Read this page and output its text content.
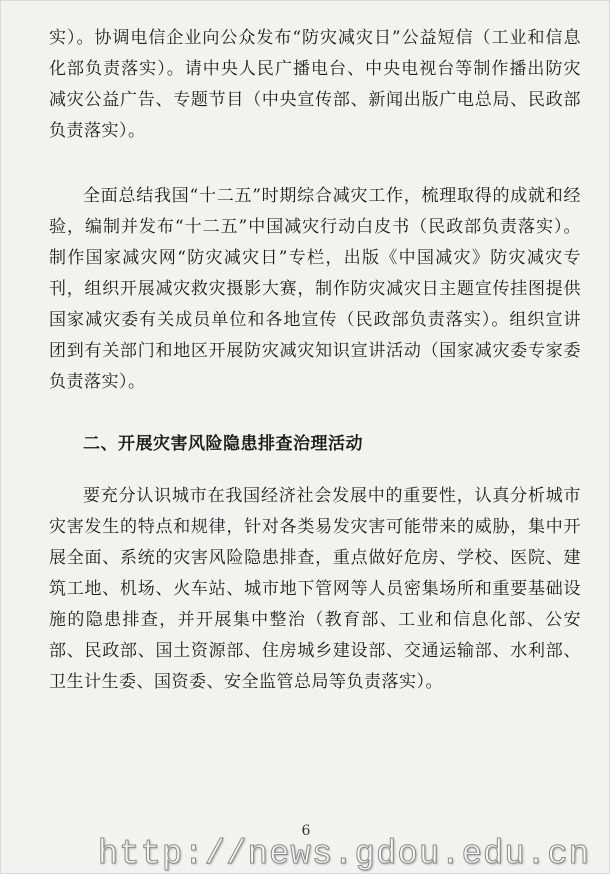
实）。协调电信企业向公众发布“防灾减灾日”公益短信（工业和信息化部负责落实）。请中央人民广播电台、中央电视台等制作播出防灾减灾公益广告、专题节目（中央宣传部、新闻出版广电总局、民政部负责落实）。

全面总结我国“十二五”时期综合减灾工作，梳理取得的成就和经验，编制并发布“十二五”中国减灾行动白皮书（民政部负责落实）。制作国家减灾网“防灾减灾日”专栏，出版《中国减灾》防灾减灾专刊，组织开展减灾救灾摄影大赛，制作防灾减灾日主题宣传挂图提供国家减灾委有关成员单位和各地宣传（民政部负责落实）。组织宣讲团到有关部门和地区开展防灾减灾知识宣讲活动（国家减灾委专家委负责落实）。

二、开展灾害风险隐患排查治理活动

要充分认识城市在我国经济社会发展中的重要性，认真分析城市灾害发生的特点和规律，针对各类易发灾害可能带来的威胁，集中开展全面、系统的灾害风险隐患排查，重点做好危房、学校、医院、建筑工地、机场、火车站、城市地下管网等人员密集场所和重要基础设施的隐患排查，并开展集中整治（教育部、工业和信息化部、公安部、民政部、国土资源部、住房城乡建设部、交通运输部、水利部、卫生计生委、国资委、安全监管总局等负责落实）。

6
http://news.gdou.edu.cn
